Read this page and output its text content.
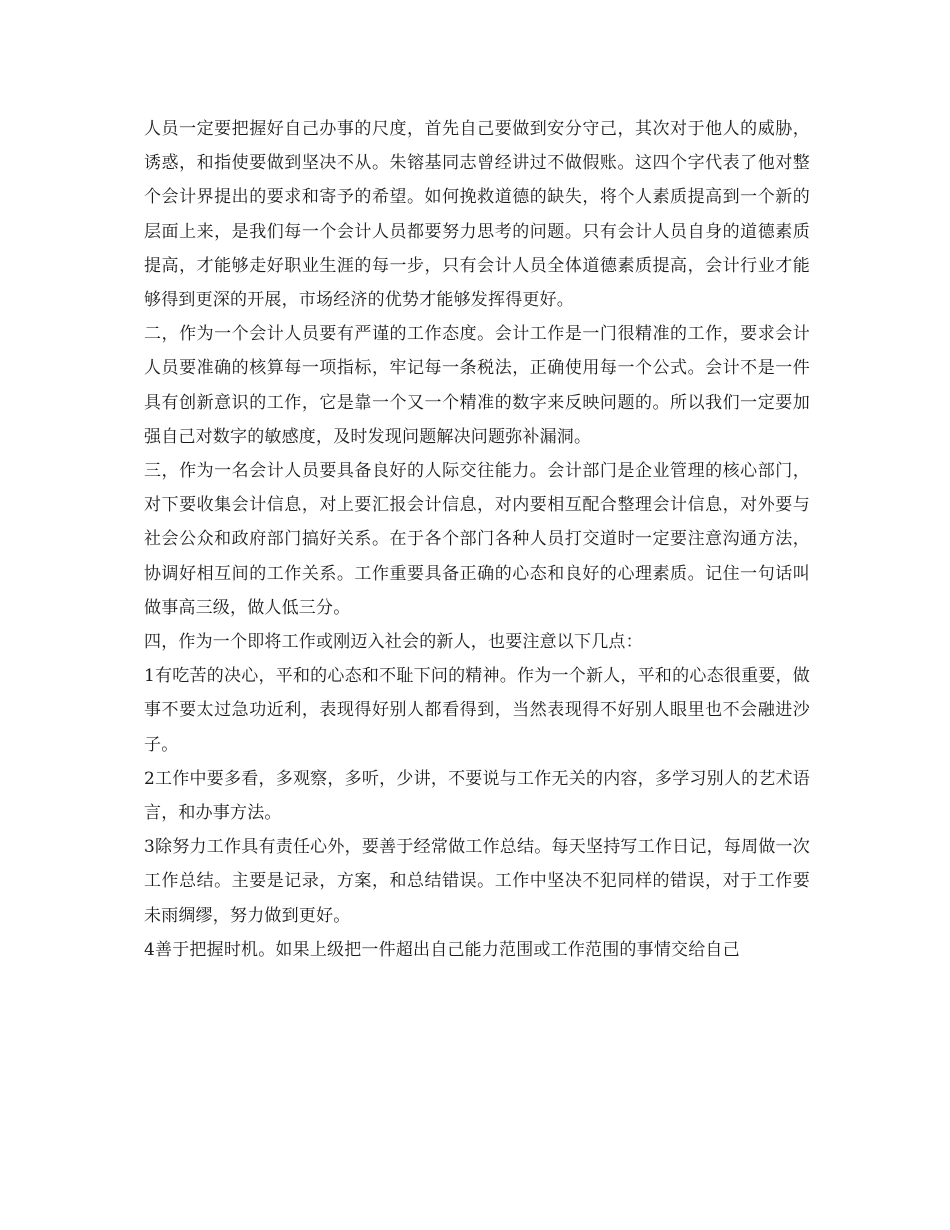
人员一定要把握好自己办事的尺度，首先自己要做到安分守己，其次对于他人的威胁，诱惑，和指使要做到坚决不从。朱镕基同志曾经讲过不做假账。这四个字代表了他对整个会计界提出的要求和寄予的希望。如何挽救道德的缺失，将个人素质提高到一个新的层面上来，是我们每一个会计人员都要努力思考的问题。只有会计人员自身的道德素质提高，才能够走好职业生涯的每一步，只有会计人员全体道德素质提高，会计行业才能够得到更深的开展，市场经济的优势才能够发挥得更好。

二，作为一个会计人员要有严谨的工作态度。会计工作是一门很精准的工作，要求会计人员要准确的核算每一项指标，牢记每一条税法，正确使用每一个公式。会计不是一件具有创新意识的工作，它是靠一个又一个精准的数字来反映问题的。所以我们一定要加强自己对数字的敏感度，及时发现问题解决问题弥补漏洞。

三，作为一名会计人员要具备良好的人际交往能力。会计部门是企业管理的核心部门，对下要收集会计信息，对上要汇报会计信息，对内要相互配合整理会计信息，对外要与社会公众和政府部门搞好关系。在于各个部门各种人员打交道时一定要注意沟通方法，协调好相互间的工作关系。工作重要具备正确的心态和良好的心理素质。记住一句话叫做事高三级，做人低三分。

四，作为一个即将工作或刚迈入社会的新人，也要注意以下几点：

1有吃苦的决心，平和的心态和不耻下问的精神。作为一个新人，平和的心态很重要，做事不要太过急功近利，表现得好别人都看得到，当然表现得不好别人眼里也不会融进沙子。

2工作中要多看，多观察，多听，少讲，不要说与工作无关的内容，多学习别人的艺术语言，和办事方法。

3除努力工作具有责任心外，要善于经常做工作总结。每天坚持写工作日记，每周做一次工作总结。主要是记录，方案，和总结错误。工作中坚决不犯同样的错误，对于工作要未雨绸缪，努力做到更好。

4善于把握时机。如果上级把一件超出自己能力范围或工作范围的事情交给自己
